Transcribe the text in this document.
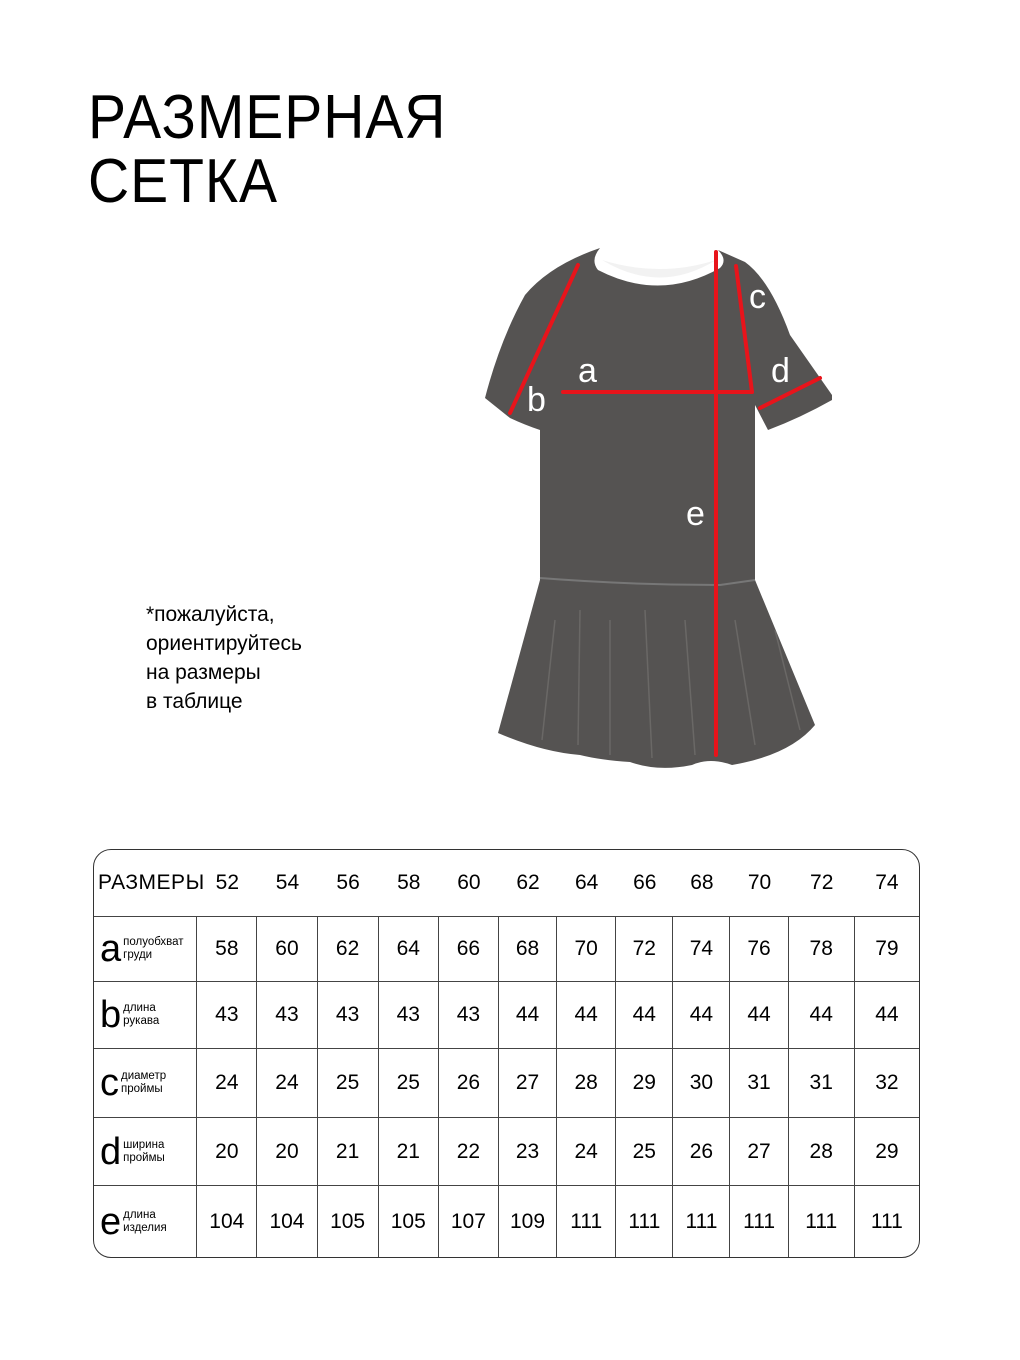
РАЗМЕРНАЯ
СЕТКА
a
b
c
d
e
*пожалуйста,
ориентируйтесь
на размеры
в таблице
РАЗМЕРЫ	52	54	56	58	60	62	64	66	68	70	72	74
a полуобхват
груди	58	60	62	64	66	68	70	72	74	76	78	79
b длина
рукава	43	43	43	43	43	44	44	44	44	44	44	44
c диаметр
проймы	24	24	25	25	26	27	28	29	30	31	31	32
d ширина
проймы	20	20	21	21	22	23	24	25	26	27	28	29
e длина
изделия	104	104	105	105	107	109	111	111	111	111	111	111
